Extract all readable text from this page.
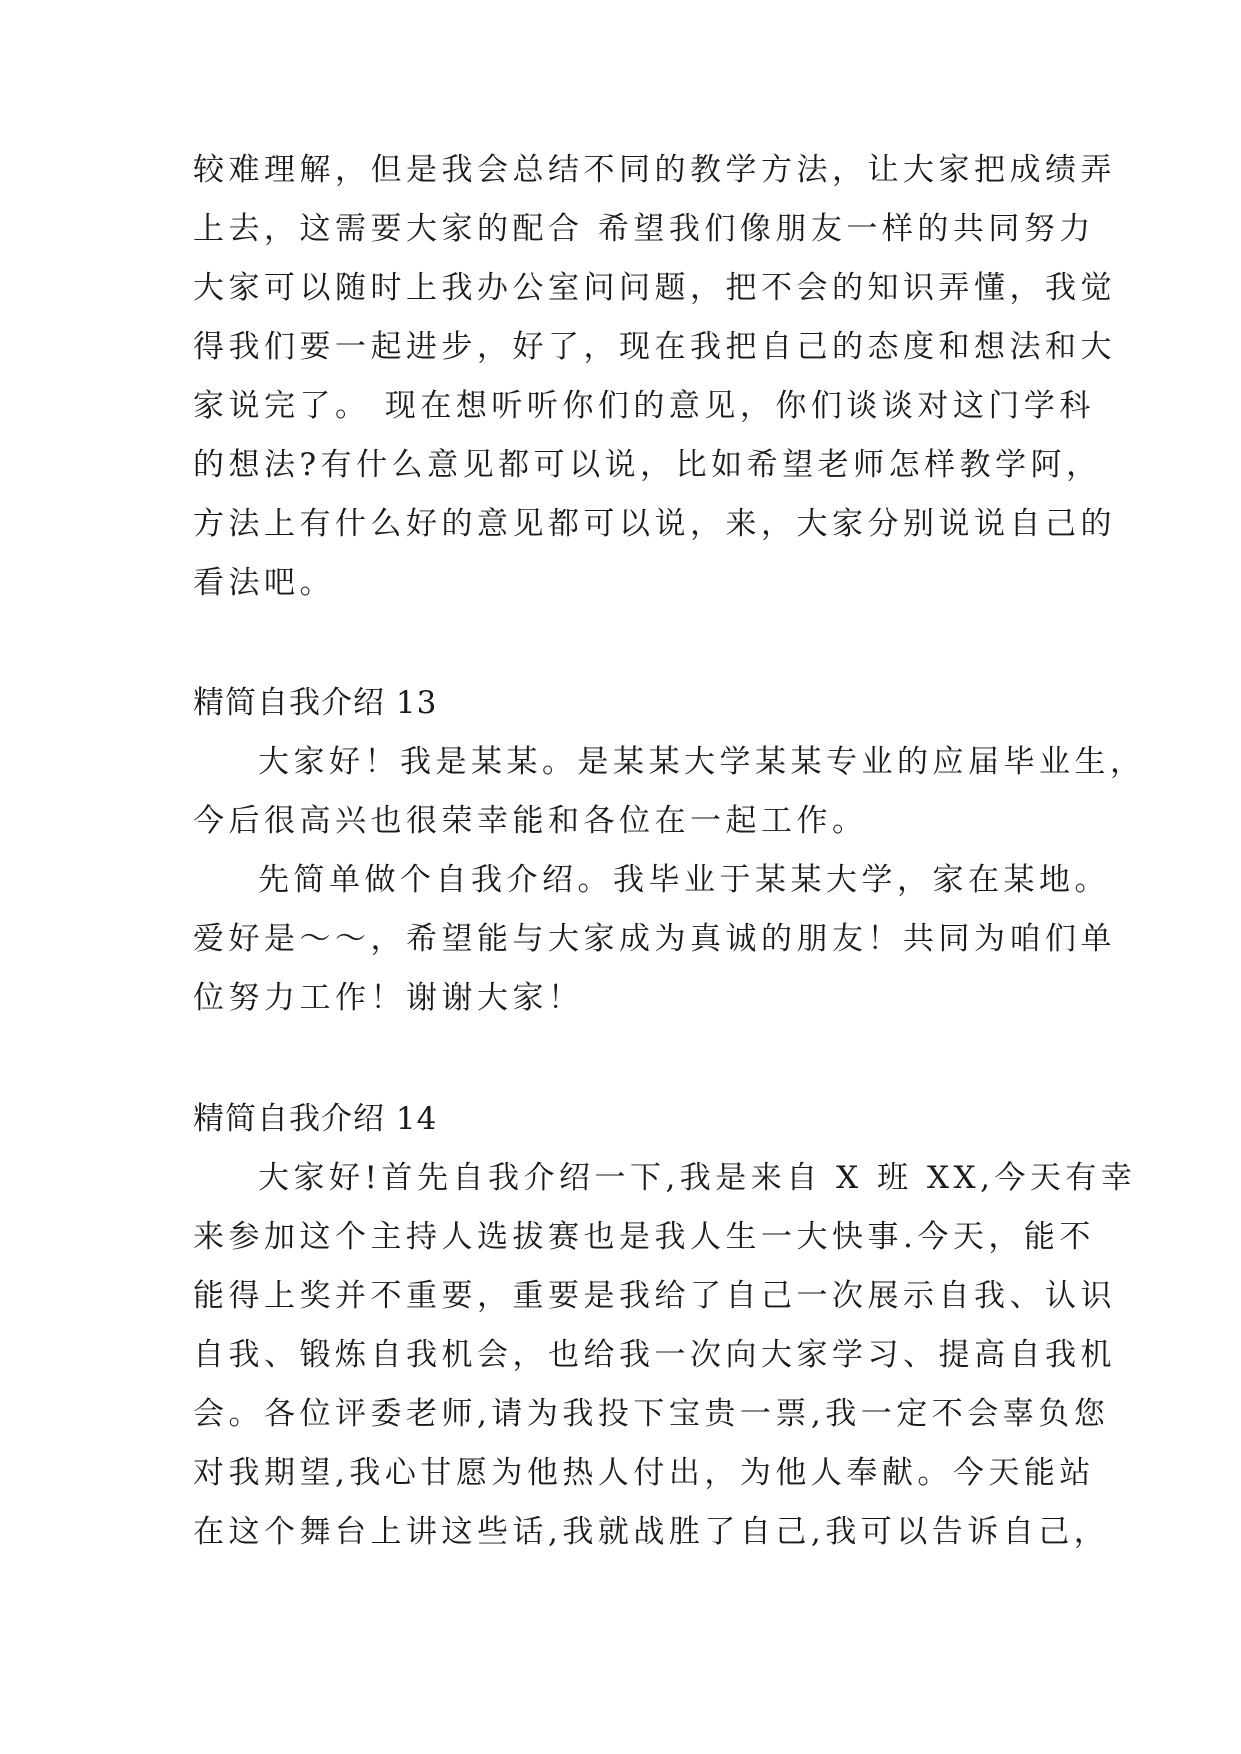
较难理解，但是我会总结不同的教学方法，让大家把成绩弄
上去，这需要大家的配合 希望我们像朋友一样的共同努力
大家可以随时上我办公室问问题，把不会的知识弄懂，我觉
得我们要一起进步，好了，现在我把自己的态度和想法和大
家说完了。 现在想听听你们的意见，你们谈谈对这门学科
的想法?有什么意见都可以说，比如希望老师怎样教学阿，
方法上有什么好的意见都可以说，来，大家分别说说自己的
看法吧。
精简自我介绍 13
大家好！我是某某。是某某大学某某专业的应届毕业生，
今后很高兴也很荣幸能和各位在一起工作。
先简单做个自我介绍。我毕业于某某大学，家在某地。
爱好是～～，希望能与大家成为真诚的朋友！共同为咱们单
位努力工作！谢谢大家！
精简自我介绍 14
大家好!首先自我介绍一下,我是来自 X 班 XX,今天有幸
来参加这个主持人选拔赛也是我人生一大快事.今天，能不
能得上奖并不重要，重要是我给了自己一次展示自我、认识
自我、锻炼自我机会，也给我一次向大家学习、提高自我机
会。各位评委老师,请为我投下宝贵一票,我一定不会辜负您
对我期望,我心甘愿为他热人付出，为他人奉献。今天能站
在这个舞台上讲这些话,我就战胜了自己,我可以告诉自己，
